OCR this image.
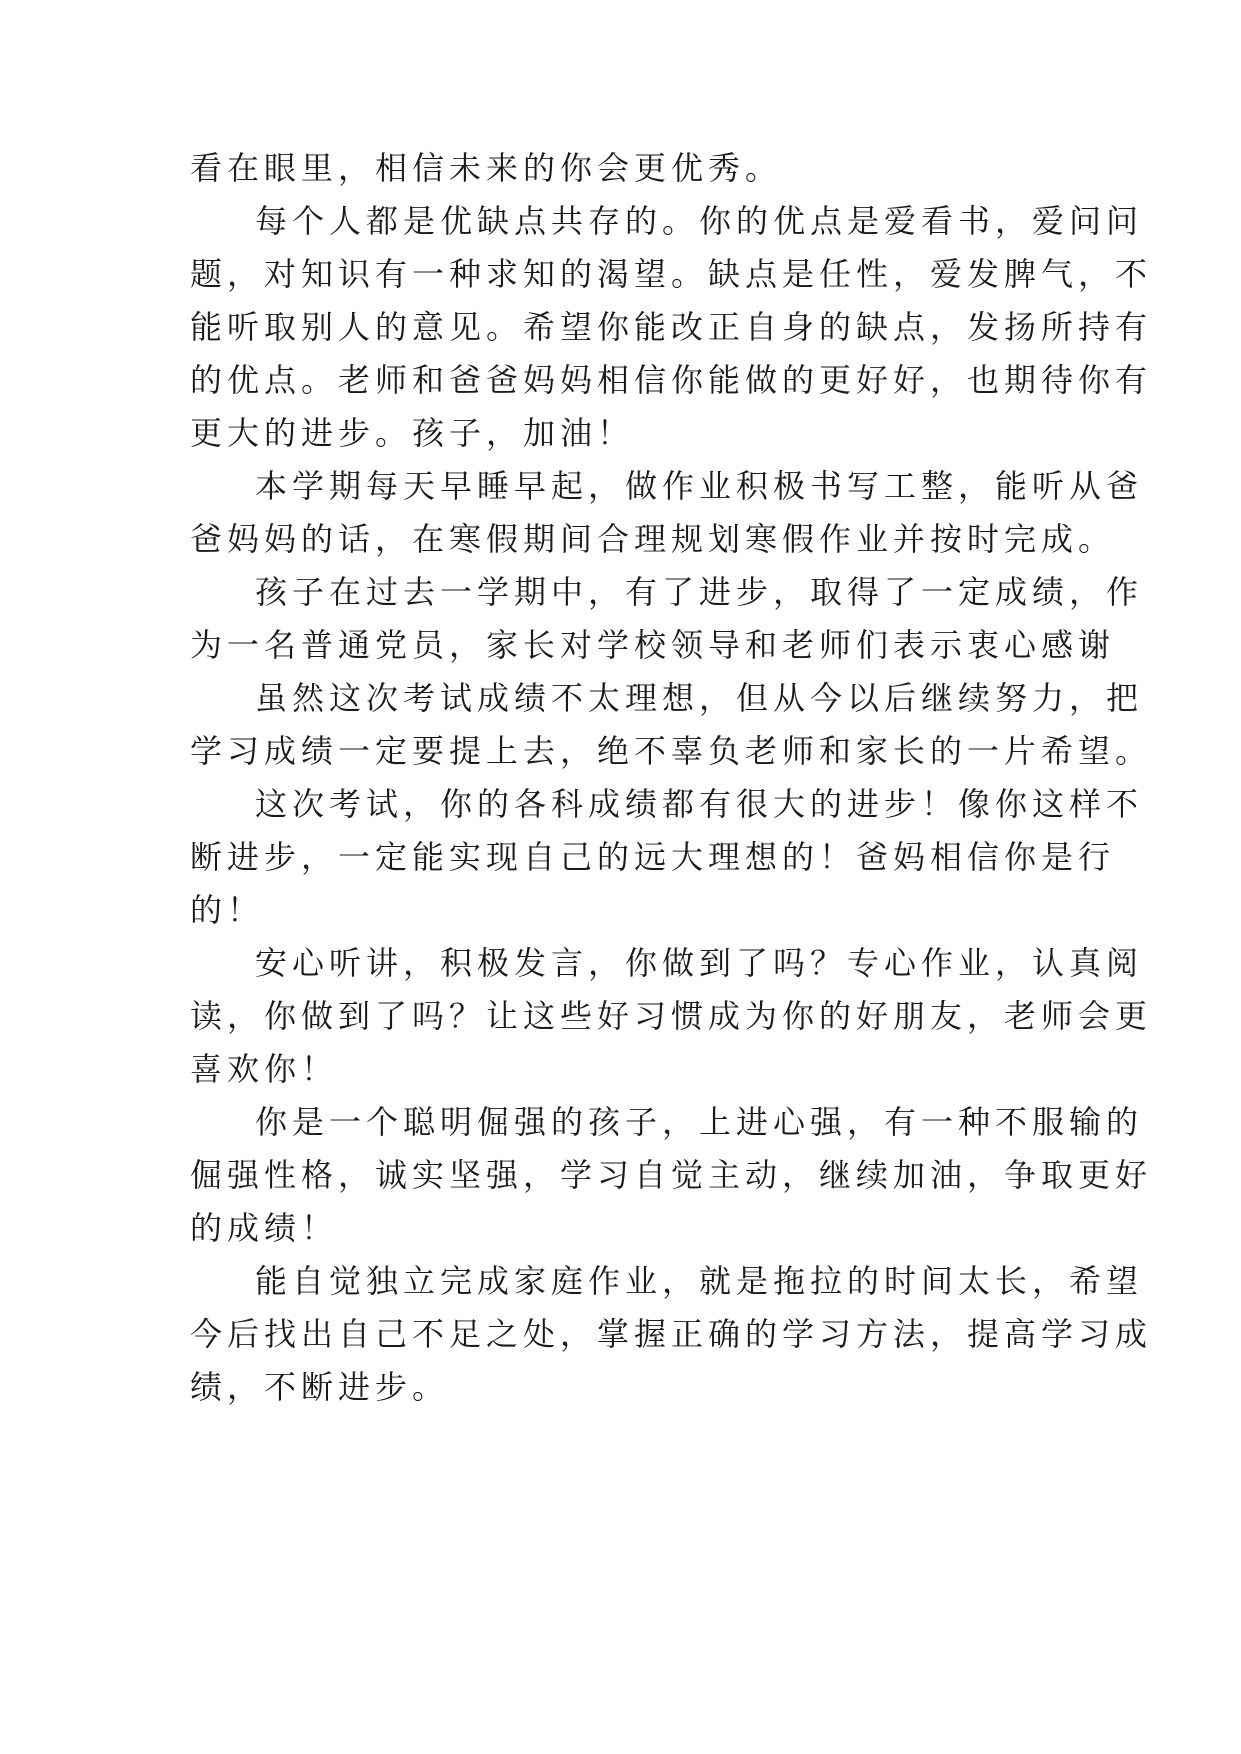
看在眼里，相信未来的你会更优秀。
每个人都是优缺点共存的。你的优点是爱看书，爱问问
题，对知识有一种求知的渴望。缺点是任性，爱发脾气，不
能听取别人的意见。希望你能改正自身的缺点，发扬所持有
的优点。老师和爸爸妈妈相信你能做的更好好，也期待你有
更大的进步。孩子，加油！
本学期每天早睡早起，做作业积极书写工整，能听从爸
爸妈妈的话，在寒假期间合理规划寒假作业并按时完成。
孩子在过去一学期中，有了进步，取得了一定成绩，作
为一名普通党员，家长对学校领导和老师们表示衷心感谢
虽然这次考试成绩不太理想，但从今以后继续努力，把
学习成绩一定要提上去，绝不辜负老师和家长的一片希望。
这次考试，你的各科成绩都有很大的进步！像你这样不
断进步，一定能实现自己的远大理想的！爸妈相信你是行
的！
安心听讲，积极发言，你做到了吗？专心作业，认真阅
读，你做到了吗？让这些好习惯成为你的好朋友，老师会更
喜欢你！
你是一个聪明倔强的孩子，上进心强，有一种不服输的
倔强性格，诚实坚强，学习自觉主动，继续加油，争取更好
的成绩！
能自觉独立完成家庭作业，就是拖拉的时间太长，希望
今后找出自己不足之处，掌握正确的学习方法，提高学习成
绩，不断进步。
